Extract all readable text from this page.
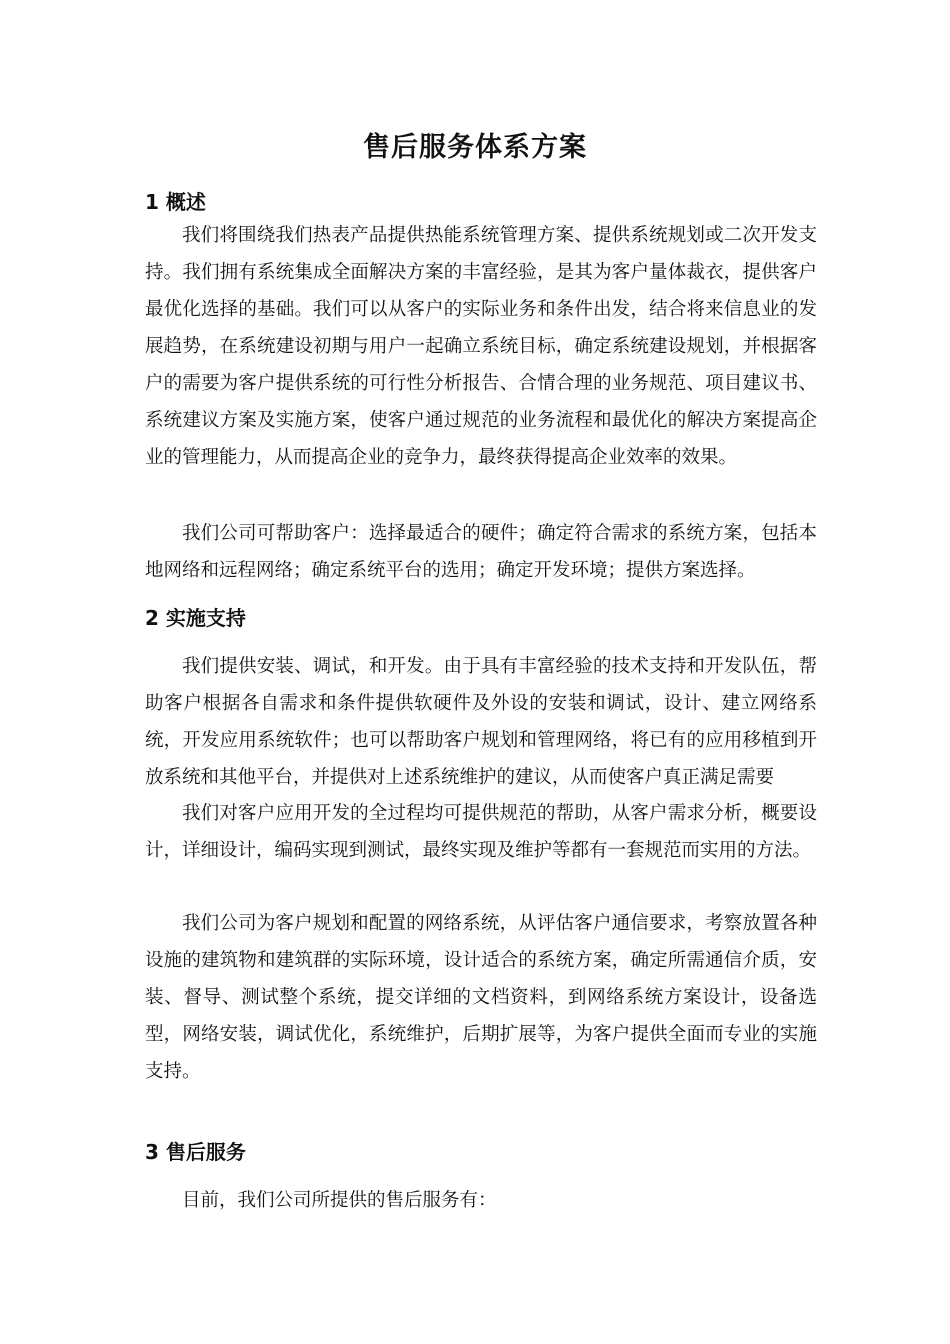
售后服务体系方案
1 概述

我们将围绕我们热表产品提供热能系统管理方案、提供系统规划或二次开发支持。我们拥有系统集成全面解决方案的丰富经验，是其为客户量体裁衣，提供客户最优化选择的基础。我们可以从客户的实际业务和条件出发，结合将来信息业的发展趋势，在系统建设初期与用户一起确立系统目标，确定系统建设规划，并根据客户的需要为客户提供系统的可行性分析报告、合情合理的业务规范、项目建议书、系统建议方案及实施方案，使客户通过规范的业务流程和最优化的解决方案提高企业的管理能力，从而提高企业的竞争力，最终获得提高企业效率的效果。

我们公司可帮助客户：选择最适合的硬件；确定符合需求的系统方案，包括本地网络和远程网络；确定系统平台的选用；确定开发环境；提供方案选择。

2 实施支持

我们提供安装、调试，和开发。由于具有丰富经验的技术支持和开发队伍，帮助客户根据各自需求和条件提供软硬件及外设的安装和调试，设计、建立网络系统，开发应用系统软件；也可以帮助客户规划和管理网络，将已有的应用移植到开放系统和其他平台，并提供对上述系统维护的建议，从而使客户真正满足需要

我们对客户应用开发的全过程均可提供规范的帮助，从客户需求分析，概要设计，详细设计，编码实现到测试，最终实现及维护等都有一套规范而实用的方法。

我们公司为客户规划和配置的网络系统，从评估客户通信要求，考察放置各种设施的建筑物和建筑群的实际环境，设计适合的系统方案，确定所需通信介质，安装、督导、测试整个系统，提交详细的文档资料，到网络系统方案设计，设备选型，网络安装，调试优化，系统维护，后期扩展等，为客户提供全面而专业的实施支持。

3 售后服务

目前，我们公司所提供的售后服务有：
